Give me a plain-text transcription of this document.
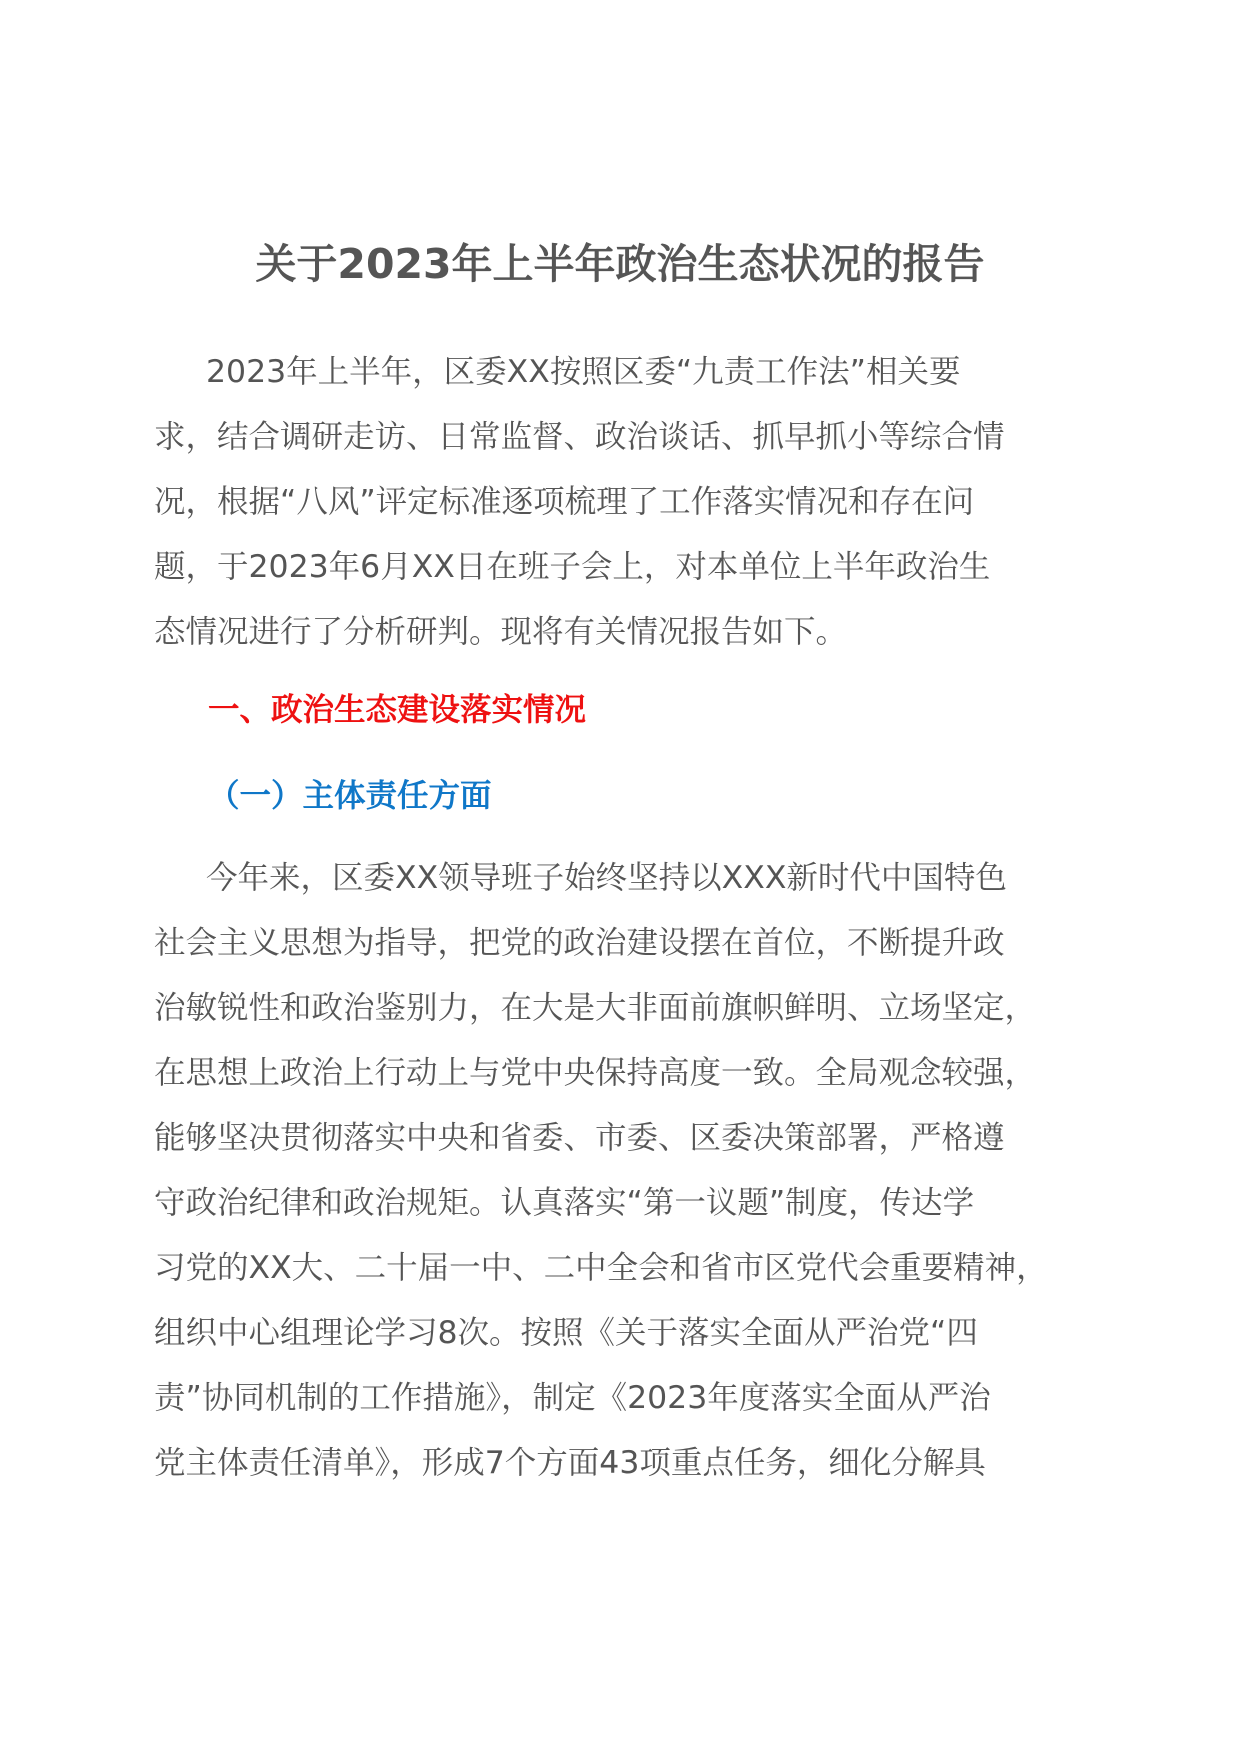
关于2023年上半年政治生态状况的报告
2023年上半年，区委XX按照区委“九责工作法”相关要
求，结合调研走访、日常监督、政治谈话、抓早抓小等综合情
况，根据“八风”评定标准逐项梳理了工作落实情况和存在问
题，于2023年6月XX日在班子会上，对本单位上半年政治生
态情况进行了分析研判。现将有关情况报告如下。
一、政治生态建设落实情况
（一）主体责任方面
今年来，区委XX领导班子始终坚持以XXX新时代中国特色
社会主义思想为指导，把党的政治建设摆在首位，不断提升政
治敏锐性和政治鉴别力，在大是大非面前旗帜鲜明、立场坚定，
在思想上政治上行动上与党中央保持高度一致。全局观念较强，
能够坚决贯彻落实中央和省委、市委、区委决策部署，严格遵
守政治纪律和政治规矩。认真落实“第一议题”制度，传达学
习党的XX大、二十届一中、二中全会和省市区党代会重要精神，
组织中心组理论学习8次。按照《关于落实全面从严治党“四
责”协同机制的工作措施》，制定《2023年度落实全面从严治
党主体责任清单》，形成7个方面43项重点任务，细化分解具
